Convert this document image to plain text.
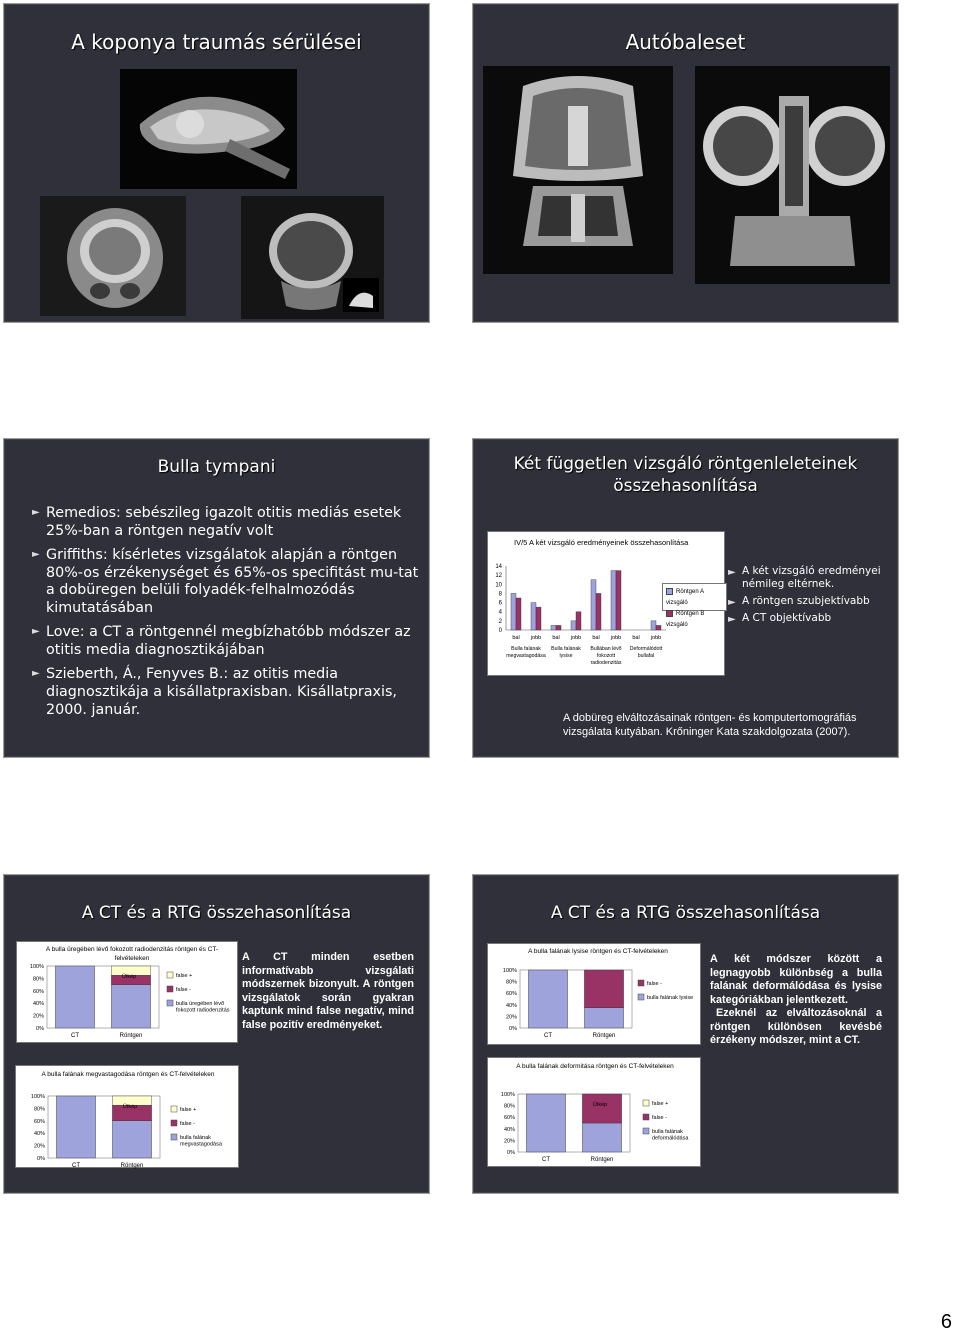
A koponya traumás sérülései	Autóbaleset
Bulla tympani
► Remedios: sebészileg igazolt otitis mediás esetek 25%-ban a röntgen negatív volt
► Griffiths: kísérletes vizsgálatok alapján a röntgen 80%-os érzékenységet és 65%-os specifitást mu-tat a dobüregen belüli folyadék-felhalmozódás kimutatásában
► Love: a CT a röntgennél megbízhatóbb módszer az otitis media diagnosztikájában
► Szieberth, Á., Fenyves B.: az otitis media diagnosztikája a kisállatpraxisban. Kisállatpraxis, 2000. január.
Két független vizsgáló röntgenleleteinek összehasonlítása
IV/5 A két vizsgáló eredményeinek összehasonlítása
14
12
10
8
6
4
2
0
bal jobb bal jobb bal jobb bal jobb
Bulla falának
megvastagodása
Bulla falának
lysise
Bullában lévő
fokozott
radiodenzitás
Deformálódott
bullafal
Röntgen A vizsgáló
Röntgen B vizsgáló
► A két vizsgáló eredményei némileg eltérnek.
► A röntgen szubjektívabb
► A CT objektívabb
A dobüreg elváltozásainak röntgen- és komputertomográfiás vizsgálata kutyában. Krőninger Kata szakdolgozata (2007).
A CT és a RTG összehasonlítása
A bulla üregében lévő fokozott radiodenzitás röntgen és CT-felvételeken
100%
80%
60%
40%
20%
0%
CT	Röntgen
Ütkép	false +
false -
bulla üregében lévő
fokozott radiodenzitás
A CT minden esetben informatívabb vizsgálati módszernek bizonyult. A röntgen vizsgálatok során gyakran kaptunk mind false negatív, mind false pozitív eredményeket.
A bulla falának megvastagodása röntgen és CT-felvételeken
100%
80%
60%
40%
20%
0%
CT	Röntgen
Ütkép	false +
false -
bulla falának
megvastagodása
A CT és a RTG összehasonlítása
A bulla falának lysise röntgen és CT-felvételeken
100%
80%
60%
40%
20%
0%
CT	Röntgen
false -
bulla falának lysise
A két módszer között a legnagyobb különbség a bulla falának deformálódása és lysise kategóriákban jelentkezett.
Ezeknél az elváltozásoknál a röntgen különösen kevésbé érzékeny módszer, mint a CT.
A bulla falának deformitása röntgen és CT-felvételeken
100%
80%
60%
40%
20%
0%
CT	Röntgen
Ütkép	false +
false -
bulla falának
deformálódása
6
